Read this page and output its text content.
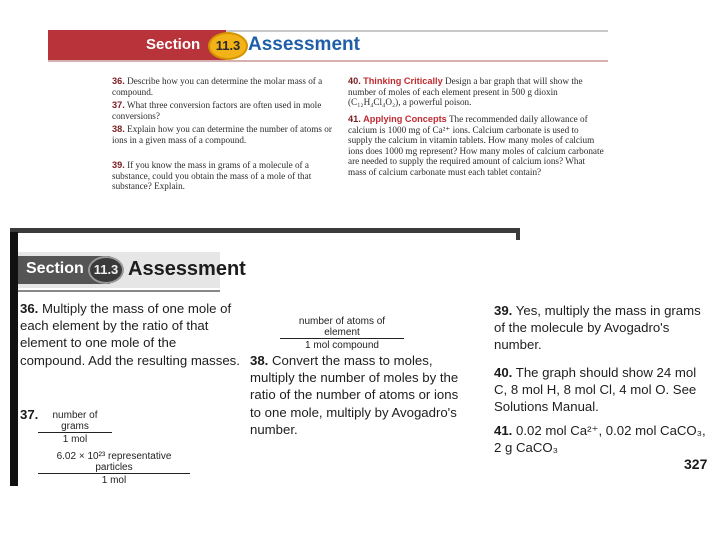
Section	11.3 Assessment
36. Describe how you can determine the molar mass of a compound.
37. What three conversion factors are often used in mole conversions?
38. Explain how you can determine the number of atoms or ions in a given mass of a compound.
39. If you know the mass in grams of a molecule of a substance, could you obtain the mass of a mole of that substance? Explain.
40. Thinking Critically Design a bar graph that will show the number of moles of each element present in 500 g dioxin (C₁₂H₄Cl₄O₂), a powerful poison.
41. Applying Concepts The recommended daily allowance of calcium is 1000 mg of Ca²⁺ ions. Calcium carbonate is used to supply the calcium in vitamin tablets. How many moles of calcium ions does 1000 mg represent? How many moles of calcium carbonate are needed to supply the required amount of calcium ions? What mass of calcium carbonate must each tablet contain?
Section 11.3 Assessment
36. Multiply the mass of one mole of each element by the ratio of that element to one mole of the compound. Add the resulting masses.
37.	number of grams
1 mol
6.02 × 10²³ representative particles
1 mol
number of atoms of element
1 mol compound
38. Convert the mass to moles, multiply the number of moles by the ratio of the number of atoms or ions to one mole, multiply by Avogadro's number.
39. Yes, multiply the mass in grams of the molecule by Avogadro's number.
40. The graph should show 24 mol C, 8 mol H, 8 mol Cl, 4 mol O. See Solutions Manual.
41. 0.02 mol Ca²⁺, 0.02 mol CaCO₃, 2 g CaCO₃
327
